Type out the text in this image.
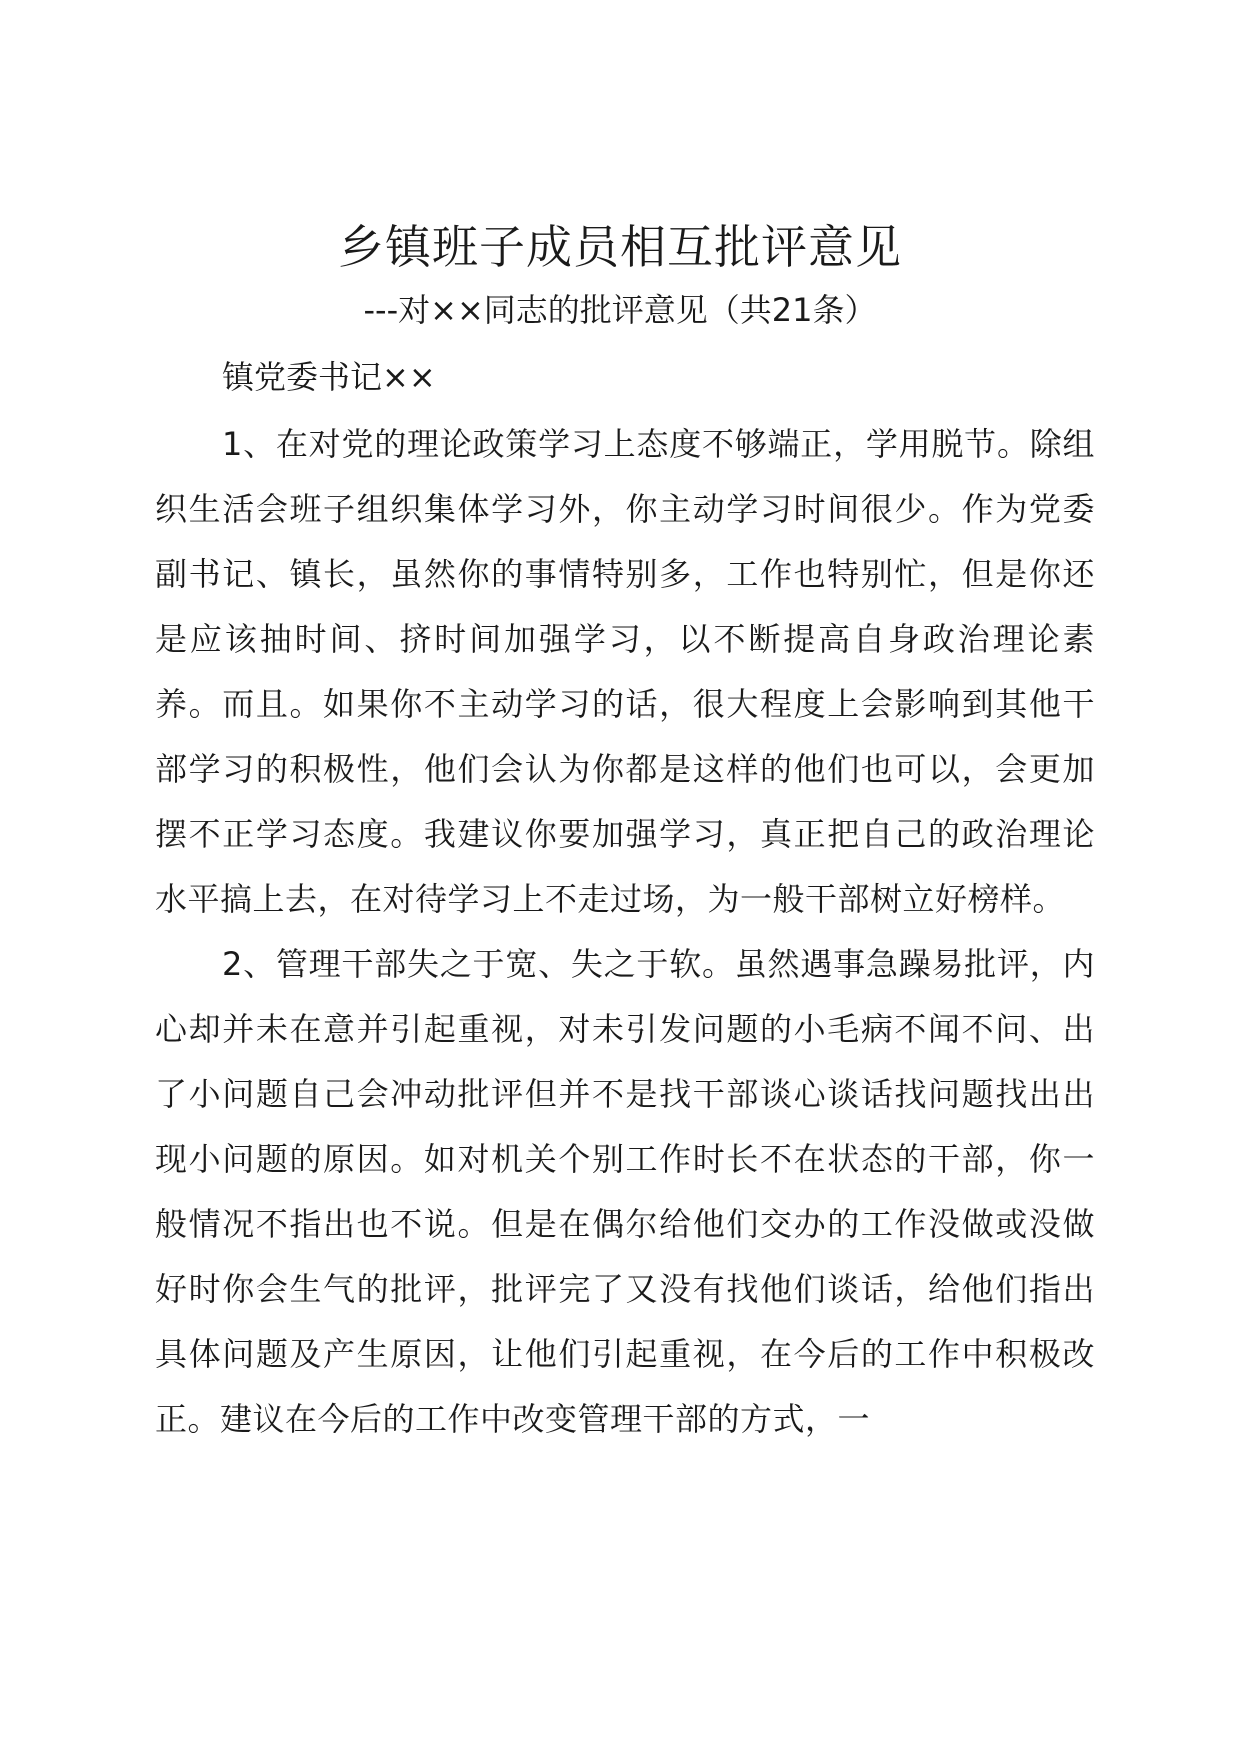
乡镇班子成员相互批评意见

---对××同志的批评意见（共21条）

镇党委书记××

1、在对党的理论政策学习上态度不够端正，学用脱节。除组织生活会班子组织集体学习外，你主动学习时间很少。作为党委副书记、镇长，虽然你的事情特别多，工作也特别忙，但是你还是应该抽时间、挤时间加强学习，以不断提高自身政治理论素养。而且。如果你不主动学习的话，很大程度上会影响到其他干部学习的积极性，他们会认为你都是这样的他们也可以，会更加摆不正学习态度。我建议你要加强学习，真正把自己的政治理论水平搞上去，在对待学习上不走过场，为一般干部树立好榜样。

2、管理干部失之于宽、失之于软。虽然遇事急躁易批评，内心却并未在意并引起重视，对未引发问题的小毛病不闻不问、出了小问题自己会冲动批评但并不是找干部谈心谈话找问题找出出现小问题的原因。如对机关个别工作时长不在状态的干部，你一般情况不指出也不说。但是在偶尔给他们交办的工作没做或没做好时你会生气的批评，批评完了又没有找他们谈话，给他们指出具体问题及产生原因，让他们引起重视，在今后的工作中积极改正。建议在今后的工作中改变管理干部的方式，一
